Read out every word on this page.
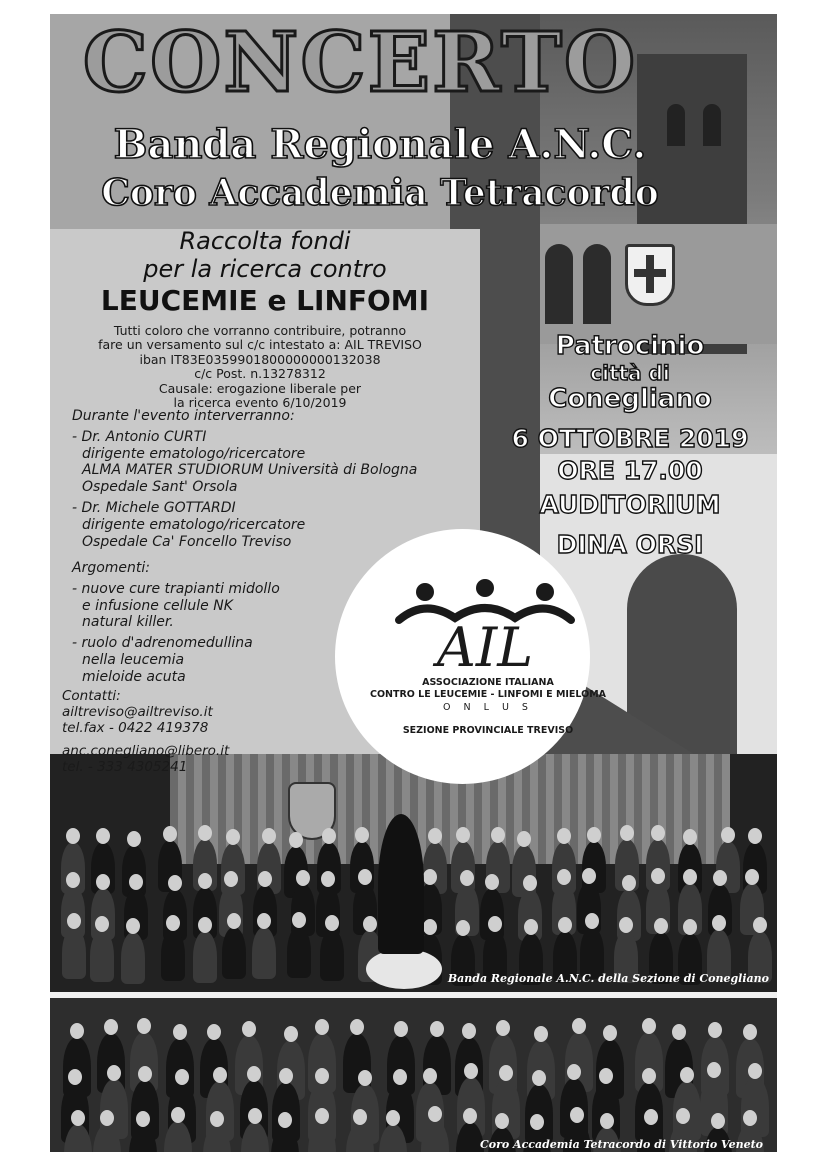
Banda Regionale A.N.C. della Sezione di Conegliano
Coro Accademia Tetracordo di Vittorio Veneto
CONCERTO
Banda Regionale A.N.C.
Coro Accademia Tetracordo
Raccolta fondi
per la ricerca contro
LEUCEMIE e LINFOMI
Tutti coloro che vorranno contribuire, potranno
fare un versamento sul c/c intestato a: AIL TREVISO
iban IT83E0359901800000000132038
c/c Post. n.13278312
Causale: erogazione liberale per
la ricerca evento 6/10/2019
Durante l'evento interverranno:
- Dr. Antonio CURTI
dirigente ematologo/ricercatore
ALMA MATER STUDIORUM Università di Bologna
Ospedale Sant' Orsola
- Dr. Michele GOTTARDI
dirigente ematologo/ricercatore
Ospedale Ca' Foncello Treviso
Argomenti:
- nuove cure trapianti midollo
e infusione cellule NK
natural killer.
- ruolo d'adrenomedullina
nella leucemia
mieloide acuta
Contatti:
ailtreviso@ailtreviso.it
tel.fax - 0422 419378
anc.conegliano@libero.it
tel. - 333 4305241
Patrocinio
città di
Conegliano
6 OTTOBRE 2019
ORE 17.00
AUDITORIUM
DINA ORSI
AIL
ASSOCIAZIONE ITALIANA
CONTRO LE LEUCEMIE - LINFOMI E MIELOMA
O N L U S
SEZIONE PROVINCIALE TREVISO
